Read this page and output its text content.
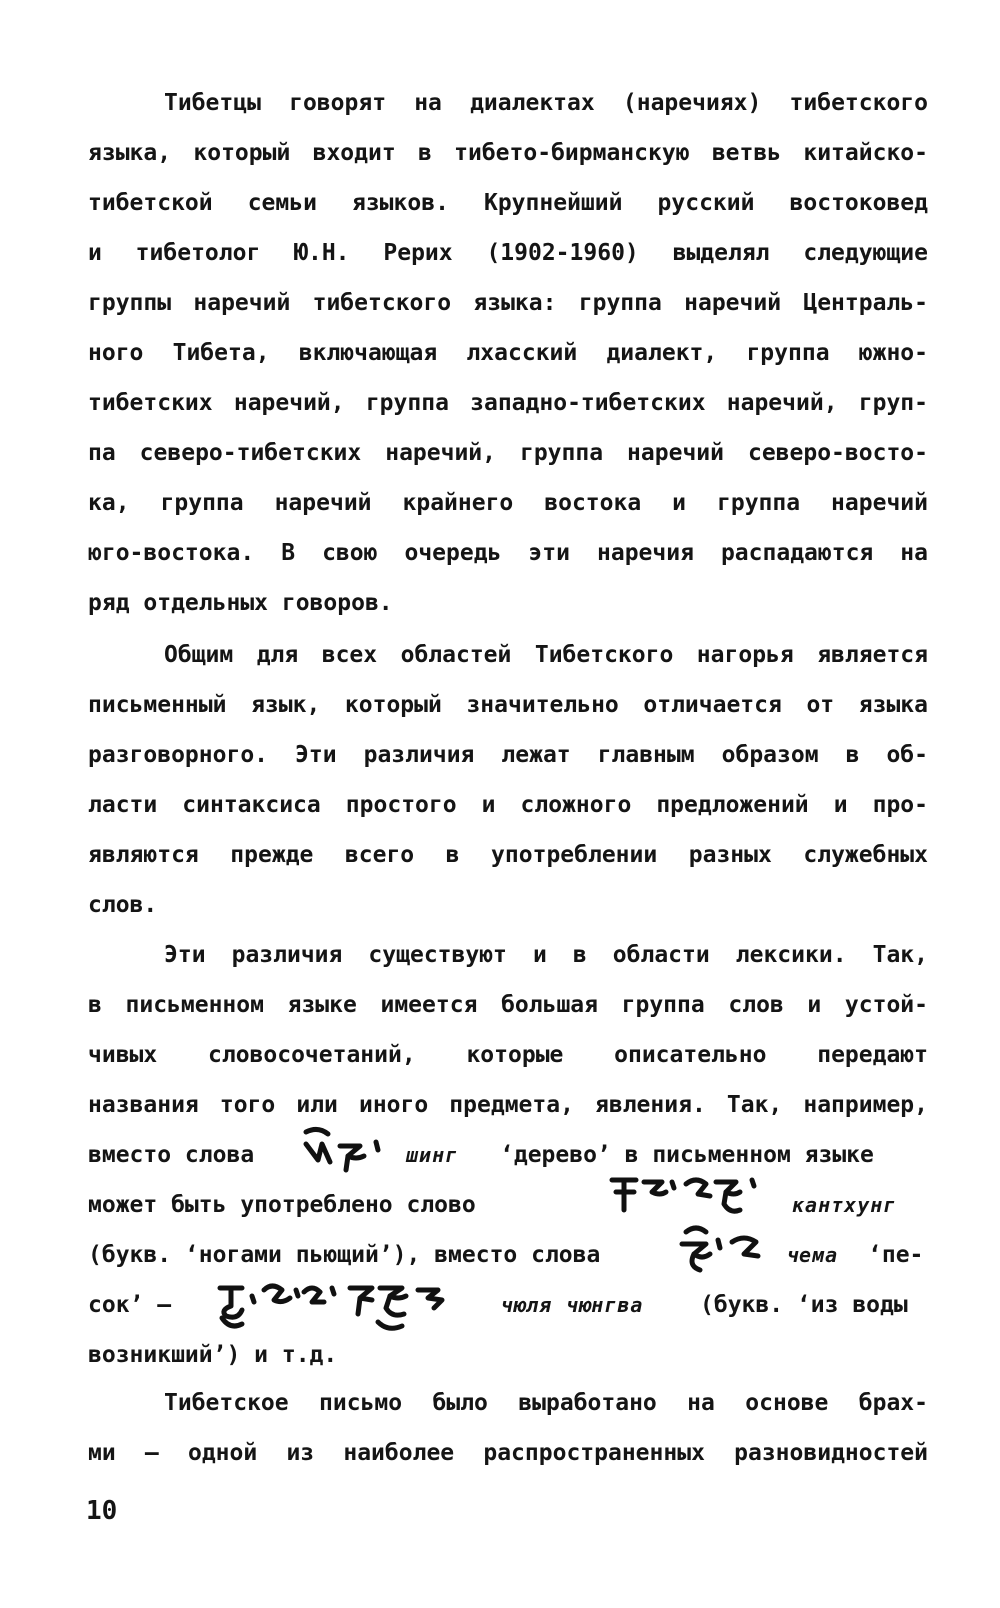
Тибетцы говорят на диалектах (наречиях) тибетского
языка, который входит в тибето-бирманскую ветвь китайско-
тибетской семьи языков. Крупнейший русский востоковед
и тибетолог Ю.Н. Рерих (1902-1960) выделял следующие
группы наречий тибетского языка: группа наречий Централь-
ного Тибета, включающая лхасский диалект, группа южно-
тибетских наречий, группа западно-тибетских наречий, груп-
па северо-тибетских наречий, группа наречий северо-восто-
ка, группа наречий крайнего востока и группа наречий
юго-востока. В свою очередь эти наречия распадаются на
ряд отдельных говоров.
Общим для всех областей Тибетского нагорья является
письменный язык, который значительно отличается от языка
разговорного. Эти различия лежат главным образом в об-
ласти синтаксиса простого и сложного предложений и про-
являются прежде всего в употреблении разных служебных
слов.
Эти различия существуют и в области лексики. Так,
в письменном языке имеется большая группа слов и устой-
чивых словосочетаний, которые описательно передают
названия того или иного предмета, явления. Так, например,
вместо слова	шинг ‘дерево’ в письменном языке
может быть употреблено слово	кантхунг
(букв. ‘ногами пьющий’), вместо слова	чема ‘пе-
сок’ –	чюля чюнгва (букв. ‘из воды
возникший’) и т.д.
Тибетское письмо было выработано на основе брах-
ми – одной из наиболее распространенных разновидностей
10
